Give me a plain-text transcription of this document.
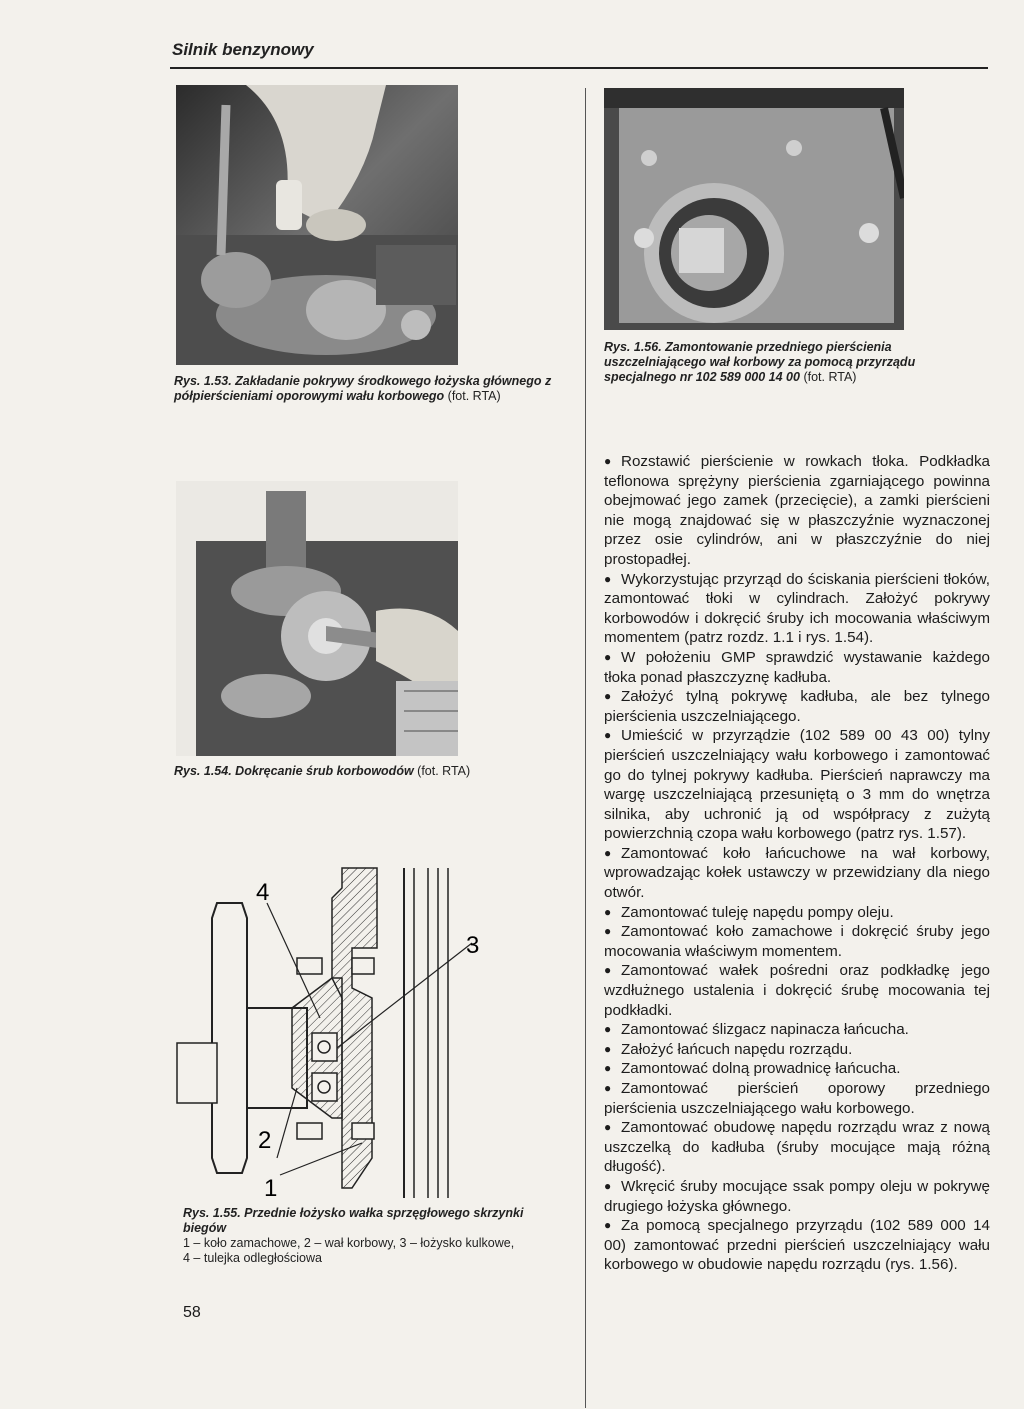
Silnik benzynowy
Rys. 1.53. Zakładanie pokrywy środkowego łożyska głównego z półpierścieniami oporowymi wału korbowego (fot. RTA)
Rys. 1.54. Dokręcanie śrub korbowodów (fot. RTA)
4
3
2
1
Rys. 1.55. Przednie łożysko wałka sprzęgłowego skrzynki biegów
1 – koło zamachowe, 2 – wał korbowy, 3 – łożysko kulkowe,
4 – tulejka odległościowa
58
Rys. 1.56. Zamontowanie przedniego pierścienia uszczelniającego wał korbowy za pomocą przyrządu specjalnego nr 102 589 000 14 00 (fot. RTA)

● Rozstawić pierścienie w rowkach tłoka. Podkładka teflonowa sprężyny pierścienia zgarniającego powinna obejmować jego zamek (przecięcie), a zamki pierścieni nie mogą znajdować się w płaszczyźnie wyznaczonej przez osie cylindrów, ani w płaszczyźnie do niej prostopadłej.

● Wykorzystując przyrząd do ściskania pierścieni tłoków, zamontować tłoki w cylindrach. Założyć pokrywy korbowodów i dokręcić śruby ich mocowania właściwym momentem (patrz rozdz. 1.1 i rys. 1.54).

● W położeniu GMP sprawdzić wystawanie każdego tłoka ponad płaszczyznę kadłuba.

● Założyć tylną pokrywę kadłuba, ale bez tylnego pierścienia uszczelniającego.

● Umieścić w przyrządzie (102 589 00 43 00) tylny pierścień uszczelniający wału korbowego i zamontować go do tylnej pokrywy kadłuba. Pierścień naprawczy ma wargę uszczelniającą przesuniętą o 3 mm do wnętrza silnika, aby uchronić ją od współpracy z zużytą powierzchnią czopa wału korbowego (patrz rys. 1.57).

● Zamontować koło łańcuchowe na wał korbowy, wprowadzając kołek ustawczy w przewidziany dla niego otwór.

● Zamontować tuleję napędu pompy oleju.

● Zamontować koło zamachowe i dokręcić śruby jego mocowania właściwym momentem.

● Zamontować wałek pośredni oraz podkładkę jego wzdłużnego ustalenia i dokręcić śrubę mocowania tej podkładki.

● Zamontować ślizgacz napinacza łańcucha.

● Założyć łańcuch napędu rozrządu.

● Zamontować dolną prowadnicę łańcucha.

● Zamontować pierścień oporowy przedniego pierścienia uszczelniającego wału korbowego.

● Zamontować obudowę napędu rozrządu wraz z nową uszczelką do kadłuba (śruby mocujące mają różną długość).

● Wkręcić śruby mocujące ssak pompy oleju w pokrywę drugiego łożyska głównego.

● Za pomocą specjalnego przyrządu (102 589 000 14 00) zamontować przedni pierścień uszczelniający wału korbowego w obudowie napędu rozrządu (rys. 1.56).
